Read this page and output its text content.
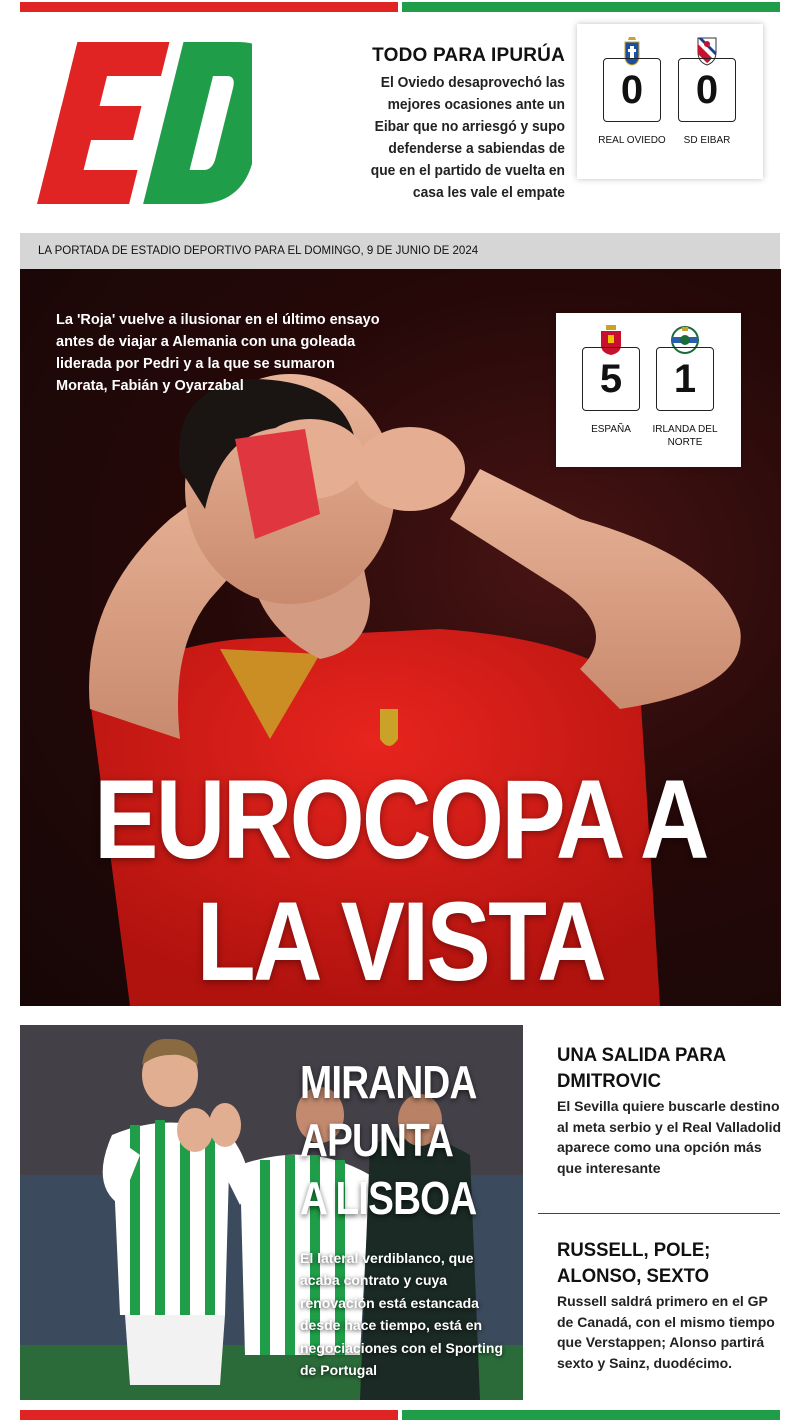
TODO PARA IPURÚA

El Oviedo desaprovechó las mejores ocasiones ante un Eibar que no arriesgó y supo defenderse a sabiendas de que en el partido de vuelta en casa les vale el empate

0
REAL OVIEDO
0
SD EIBAR
LA PORTADA DE ESTADIO DEPORTIVO PARA EL DOMINGO, 9 DE JUNIO DE 2024

La 'Roja' vuelve a ilusionar en el último ensayo antes de viajar a Alemania con una goleada liderada por Pedri y a la que se sumaron Morata, Fabián y Oyarzabal	5
ESPAÑA
1
IRLANDA DEL NORTE
EUROCOPA A
LA VISTA
MIRANDA
APUNTA
A LISBOA

El lateral verdiblanco, que acaba contrato y cuya renovación está estancada desde hace tiempo, está en negociaciones con el Sporting de Portugal

UNA SALIDA PARA
DMITROVIC

El Sevilla quiere buscarle destino al meta serbio y el Real Valladolid aparece como una opción más que interesante

RUSSELL, POLE;
ALONSO, SEXTO

Russell saldrá primero en el GP de Canadá, con el mismo tiempo que Verstappen; Alonso partirá sexto y Sainz, duodécimo.
